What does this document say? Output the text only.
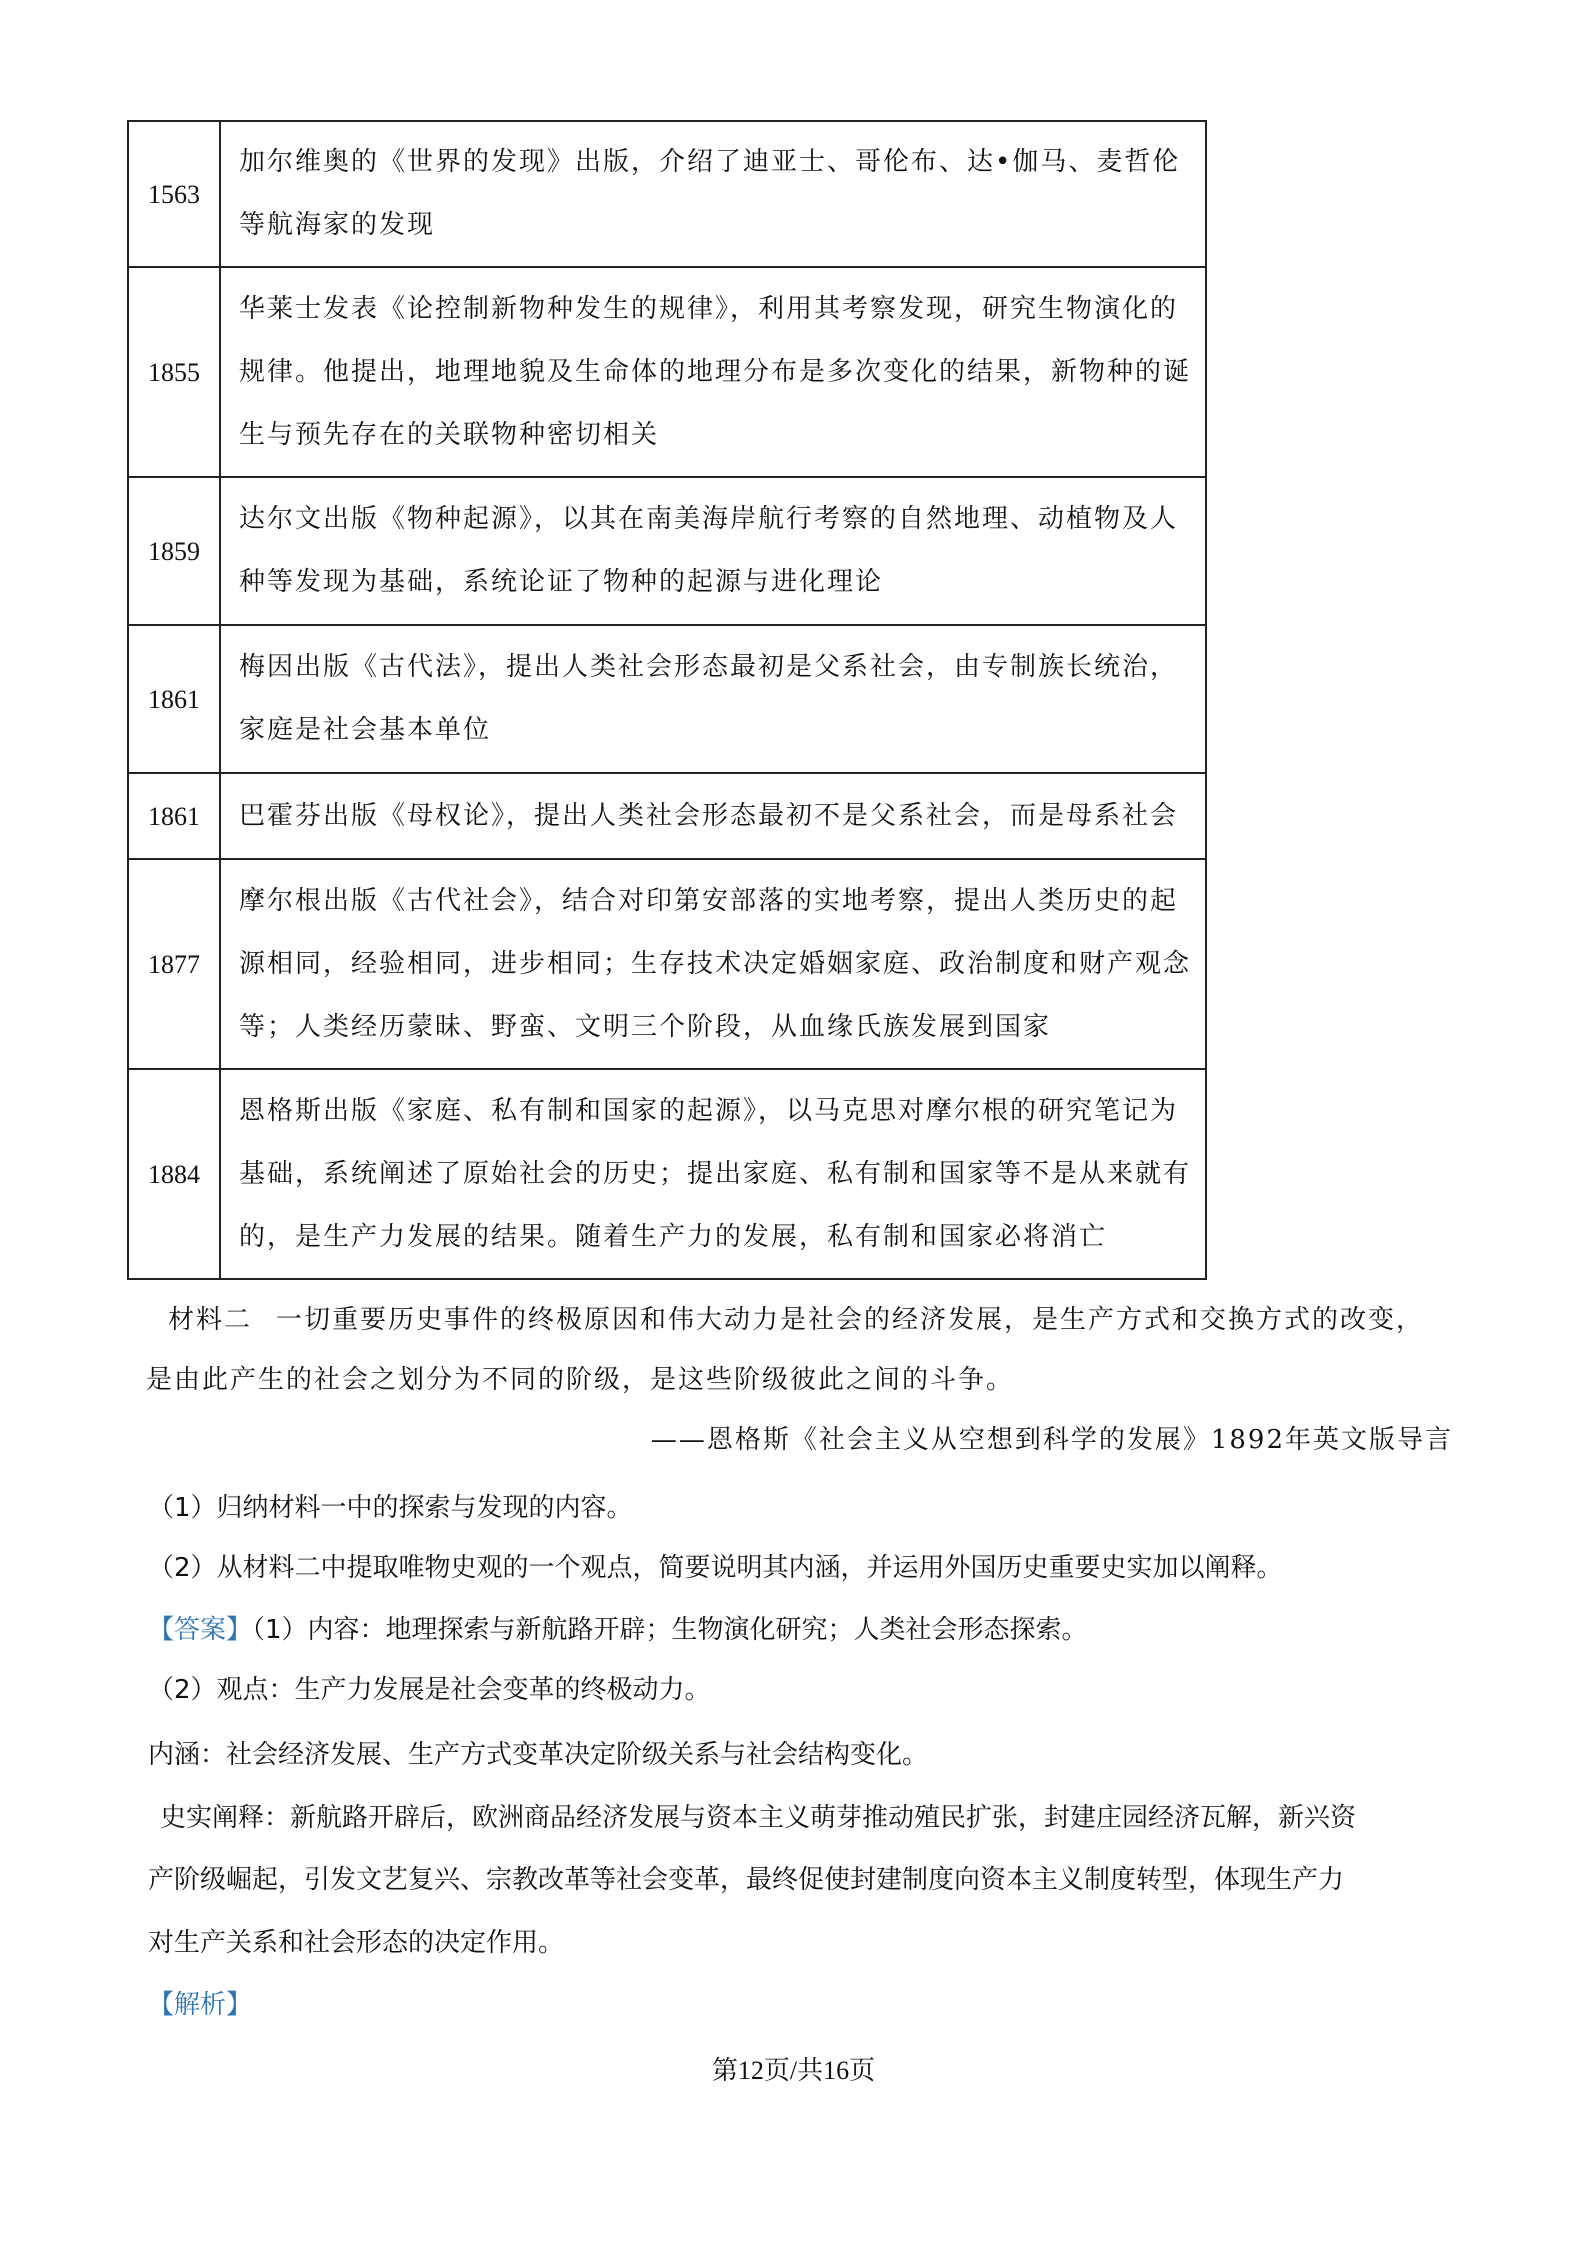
1563	加尔维奥的《世界的发现》出版，介绍了迪亚士、哥伦布、达•伽马、麦哲伦等航海家的发现
1855	华莱士发表《论控制新物种发生的规律》，利用其考察发现，研究生物演化的规律。他提出，地理地貌及生命体的地理分布是多次变化的结果，新物种的诞生与预先存在的关联物种密切相关
1859	达尔文出版《物种起源》，以其在南美海岸航行考察的自然地理、动植物及人种等发现为基础，系统论证了物种的起源与进化理论
1861	梅因出版《古代法》，提出人类社会形态最初是父系社会，由专制族长统治，家庭是社会基本单位
1861	巴霍芬出版《母权论》，提出人类社会形态最初不是父系社会，而是母系社会
1877	摩尔根出版《古代社会》，结合对印第安部落的实地考察，提出人类历史的起源相同，经验相同，进步相同；生存技术决定婚姻家庭、政治制度和财产观念等；人类经历蒙昧、野蛮、文明三个阶段，从血缘氏族发展到国家
1884	恩格斯出版《家庭、私有制和国家的起源》，以马克思对摩尔根的研究笔记为基础，系统阐述了原始社会的历史；提出家庭、私有制和国家等不是从来就有的，是生产力发展的结果。随着生产力的发展，私有制和国家必将消亡
材料二 一切重要历史事件的终极原因和伟大动力是社会的经济发展，是生产方式和交换方式的改变，
是由此产生的社会之划分为不同的阶级，是这些阶级彼此之间的斗争。
——恩格斯《社会主义从空想到科学的发展》1892年英文版导言
（1）归纳材料一中的探索与发现的内容。
（2）从材料二中提取唯物史观的一个观点，简要说明其内涵，并运用外国历史重要史实加以阐释。
【答案】（1）内容：地理探索与新航路开辟；生物演化研究；人类社会形态探索。
（2）观点：生产力发展是社会变革的终极动力。
内涵：社会经济发展、生产方式变革决定阶级关系与社会结构变化。
史实阐释：新航路开辟后，欧洲商品经济发展与资本主义萌芽推动殖民扩张，封建庄园经济瓦解，新兴资
产阶级崛起，引发文艺复兴、宗教改革等社会变革，最终促使封建制度向资本主义制度转型，体现生产力
对生产关系和社会形态的决定作用。
【解析】
第12页/共16页
